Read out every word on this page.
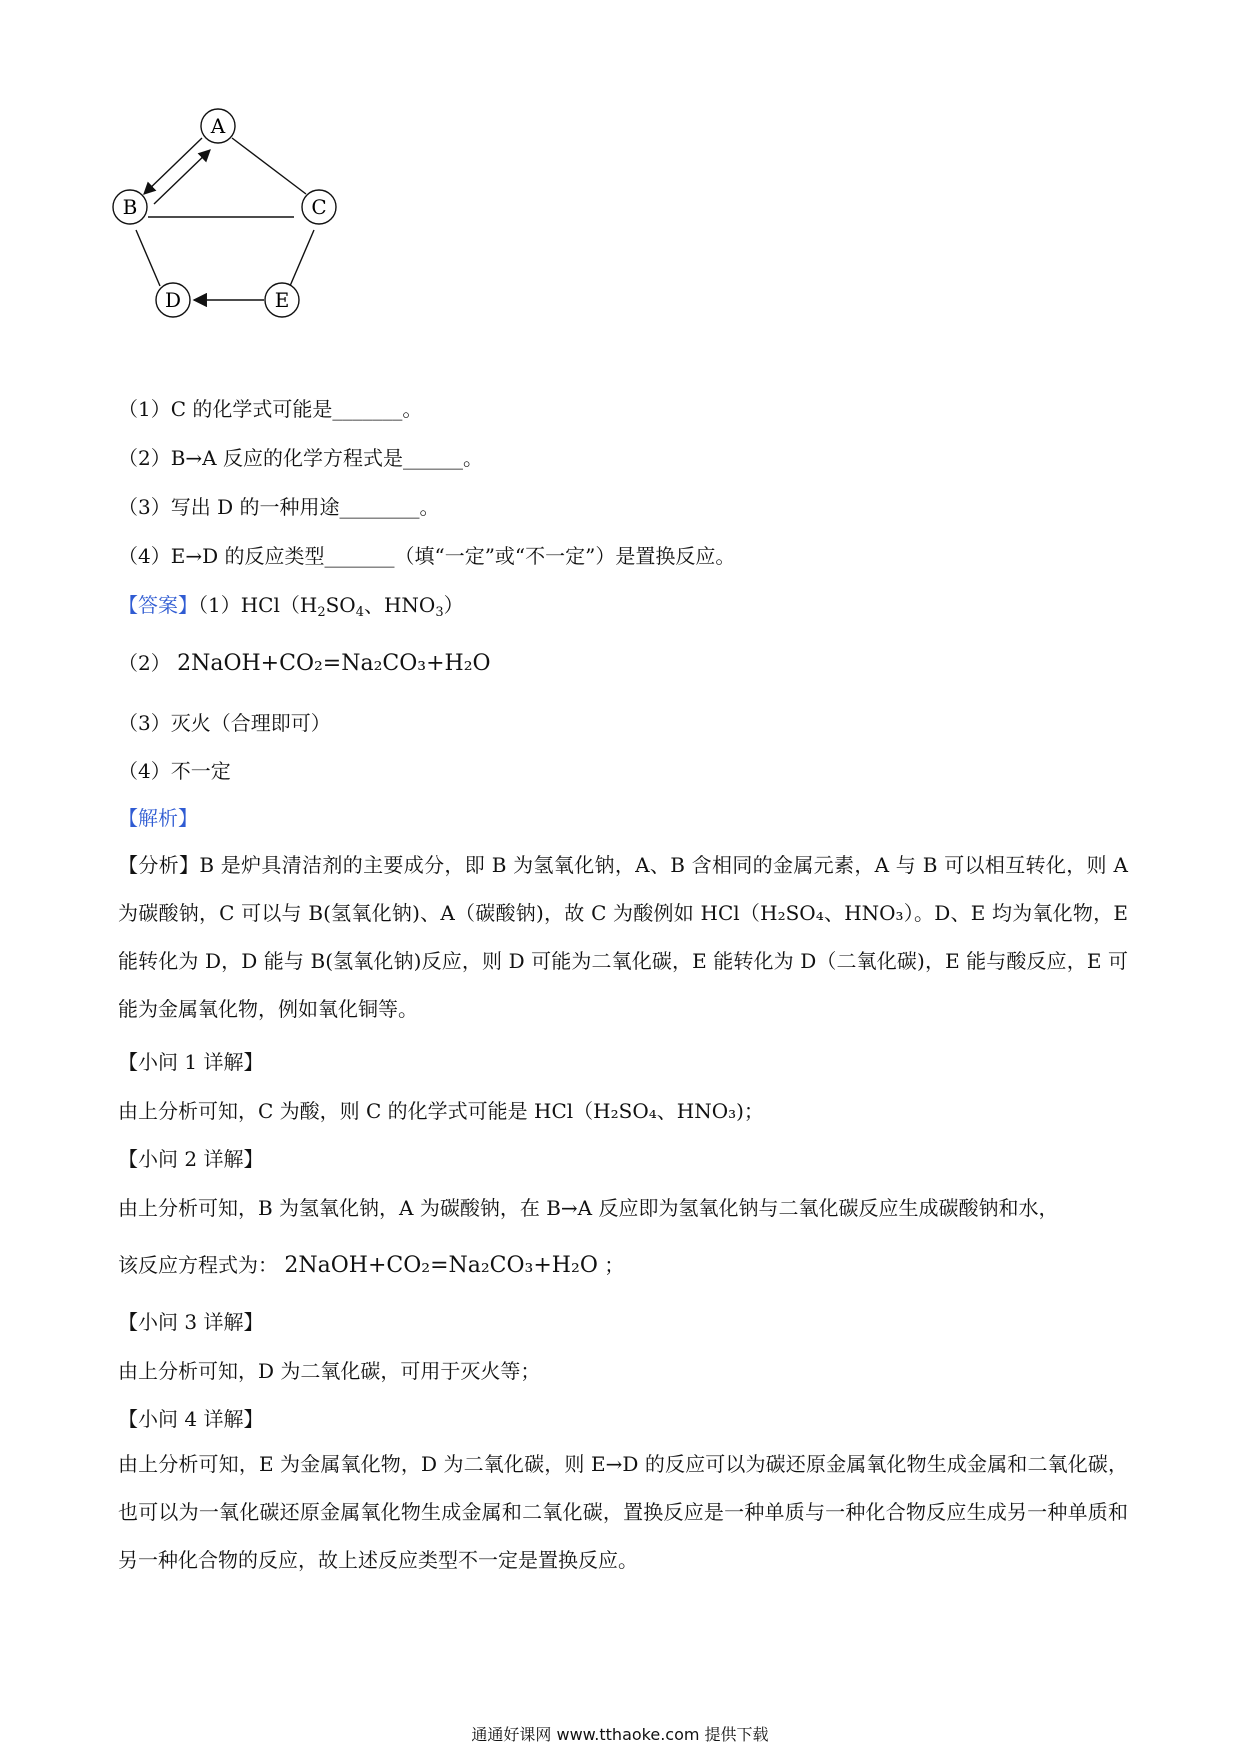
A
B	C
D	E
（1）C 的化学式可能是_______。
（2）B→A 反应的化学方程式是______。
（3）写出 D 的一种用途________。
（4）E→D 的反应类型_______（填“一定”或“不一定”）是置换反应。
【答案】$(1)HCl(H_2SO_4$、$HNO_3$）
（2） 2NaOH+CO₂=Na₂CO₃+H₂O
（3）灭火（合理即可）
（4）不一定
【解析】
【分析】B 是炉具清洁剂的主要成分，即 B 为氢氧化钠，A、B 含相同的金属元素，A 与 B 可以相互转化，则 A 为碳酸钠，C 可以与 B(氢氧化钠)、A（碳酸钠)，故 C 为酸例如 HCl（H₂SO₄、HNO₃）。D、E 均为氧化物，E 能转化为 D，D 能与 B(氢氧化钠)反应，则 D 可能为二氧化碳，E 能转化为 D（二氧化碳)，E 能与酸反应，E 可能为金属氧化物，例如氧化铜等。
【小问 1 详解】
由上分析可知，C 为酸，则 C 的化学式可能是 HCl（H₂SO₄、HNO₃)；
【小问 2 详解】
由上分析可知，B 为氢氧化钠，A 为碳酸钠，在 B→A 反应即为氢氧化钠与二氧化碳反应生成碳酸钠和水，
该反应方程式为： 2NaOH+CO₂=Na₂CO₃+H₂O ；
【小问 3 详解】
由上分析可知，D 为二氧化碳，可用于灭火等；
【小问 4 详解】
由上分析可知，E 为金属氧化物，D 为二氧化碳，则 E→D 的反应可以为碳还原金属氧化物生成金属和二氧化碳，也可以为一氧化碳还原金属氧化物生成金属和二氧化碳，置换反应是一种单质与一种化合物反应生成另一种单质和另一种化合物的反应，故上述反应类型不一定是置换反应。
通通好课网 www.tthaoke.com 提供下载
